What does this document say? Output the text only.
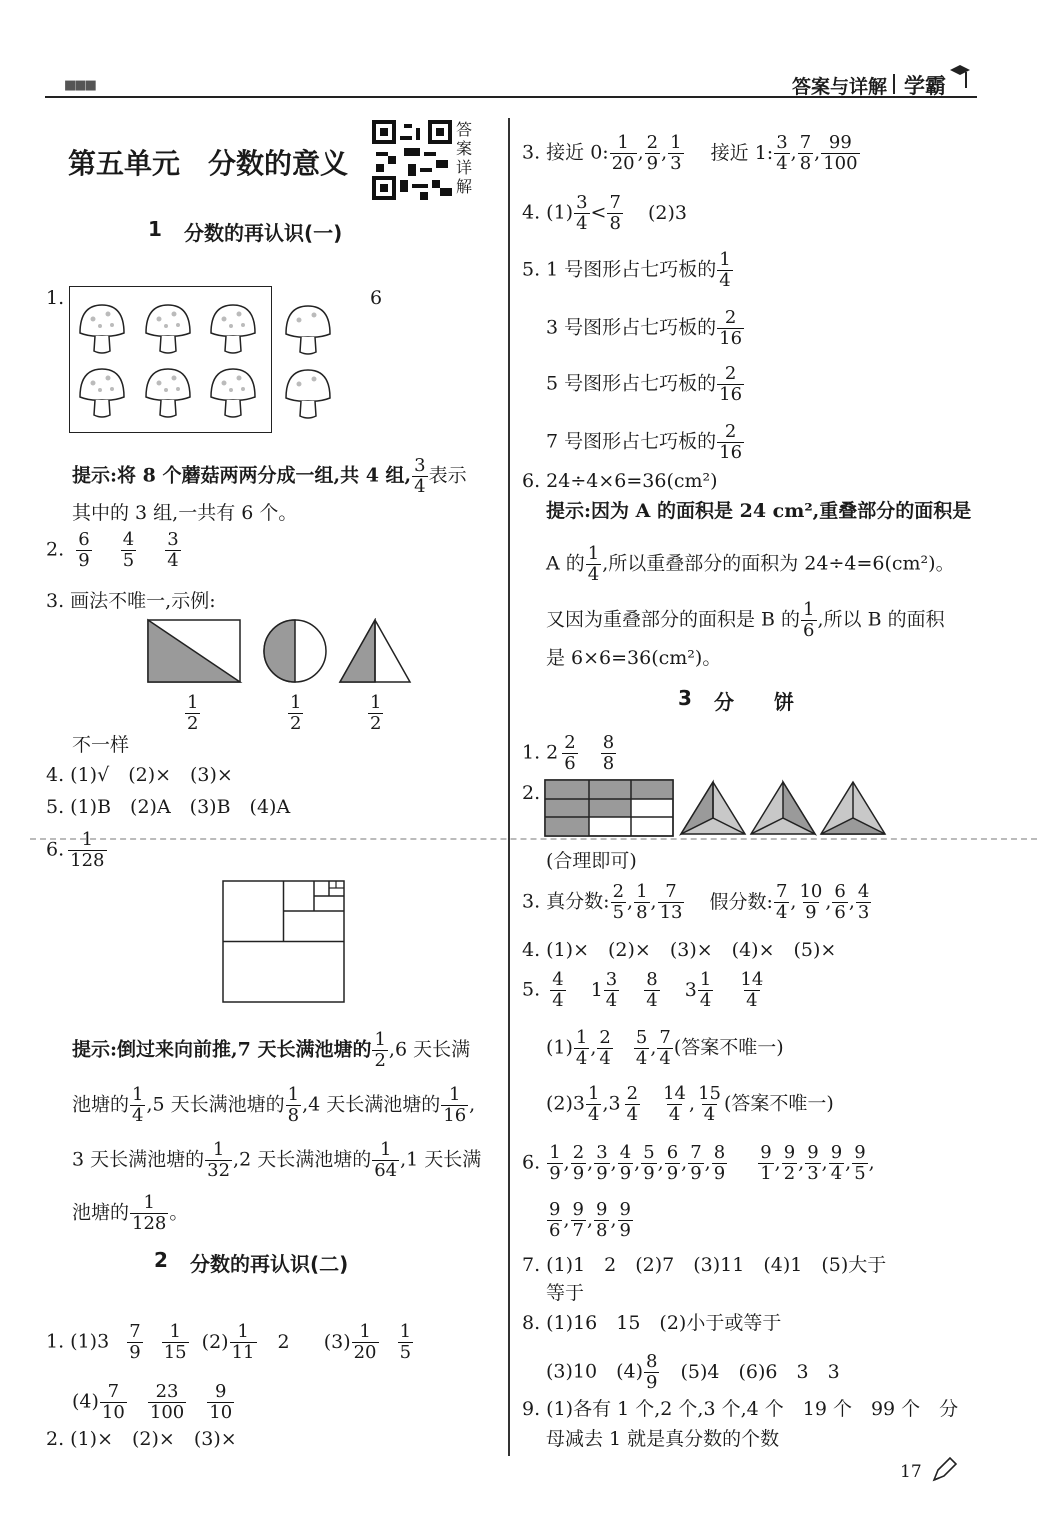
■■■	答案与详解 学霸
第五单元　分数的意义
答案详解
1 分数的再认识(一)
1.	6
提示:将 8 个蘑菇两两分成一组,共 4 组, $\frac{3}{4}$ 表示
其中的 3 组,一共有 6 个。
2. $\frac{6}{9}$
$\frac{4}{5}$
$\frac{3}{4}$
3. 画法不唯一,示例:
$\frac{1}{2}$	$\frac{1}{2}$	$\frac{1}{2}$
不一样
4. (1)√　(2)×　(3)×
5. (1)B　(2)A　(3)B　(4)A
6. $\frac{1}{128}$
提示:倒过来向前推,7 天长满池塘的 $\frac{1}{2} ,6$ 天长满
池塘的 $\frac{1}{4} ,5$ 天长满池塘的 $\frac{1}{8} ,4$ 天长满池塘的 $\frac{1}{16}$ ,
3 天长满池塘的 $\frac{1}{32} ,2$ 天长满池塘的 $\frac{1}{64} ,1$ 天长满
池塘的 $\frac{1}{128}$ 。
2 分数的再认识(二)
1. $(1)3 \frac{7}{9}$
$\frac{1}{15} (2) \frac{1}{11} 2$ $(3) \frac{1}{20}$
$\frac{1}{5}$
$(4) \frac{7}{10}$
$\frac{23}{100}$
$\frac{9}{10}$
2. (1)×　(2)×　(3)×
3. 接近 0: $\frac{1}{20}$ , $\frac{2}{9}$ , $\frac{1}{3}$ 接近 1: $\frac{3}{4}$ , $\frac{7}{8}$ , $\frac{99}{100}$
4. $(1) \frac{3}{4} < \frac{7}{8} (2)3$
5. 1 号图形占七巧板的 $\frac{1}{4}$
3 号图形占七巧板的 $\frac{2}{16}$
5 号图形占七巧板的 $\frac{2}{16}$
7 号图形占七巧板的 $\frac{2}{16}$
6. 24÷4×6=36(cm²)
提示:因为 A 的面积是 24 cm²,重叠部分的面积是
A 的 $\frac{1}{4}$ ,所以重叠部分的面积为 24÷4=6(cm²)。
又因为重叠部分的面积是 B 的 $\frac{1}{6}$ ,所以 B 的面积
是 6×6=36(cm²)。
3 分　　饼
1. $2 \frac{2}{6}$
$\frac{8}{8}$
2.
(合理即可)
3. 真分数: $\frac{2}{5}$ , $\frac{1}{8}$ , $\frac{7}{13}$ 假分数: $\frac{7}{4}$ , $\frac{10}{9}$ , $\frac{6}{6}$ , $\frac{4}{3}$
4. (1)×　(2)×　(3)×　(4)×　(5)×
5. $\frac{4}{4} 1 \frac{3}{4}$
$\frac{8}{4} 3 \frac{1}{4}$
$\frac{14}{4}$
$(1) \frac{1}{4}$ , $\frac{2}{4}$
$\frac{5}{4}$ , $\frac{7}{4}$ (答案不唯一)
$(2)3 \frac{1}{4} ,3 \frac{2}{4}$
$\frac{14}{4}$ , $\frac{15}{4}$ (答案不唯一)
6. $\frac{1}{9}$ , $\frac{2}{9}$ , $\frac{3}{9}$ , $\frac{4}{9}$ , $\frac{5}{9}$ , $\frac{6}{9}$ , $\frac{7}{9}$ , $\frac{8}{9}$
$\frac{9}{1}$ , $\frac{9}{2}$ , $\frac{9}{3}$ , $\frac{9}{4}$ , $\frac{9}{5}$ ,
$\frac{9}{6}$ , $\frac{9}{7}$ , $\frac{9}{8}$ , $\frac{9}{9}$
7. (1)1　2　(2)7　(3)11　(4)1　(5)大于
等于
8. (1)16　15　(2)小于或等于
(3)10　$(4) \frac{8}{9} (5)4$　(6)6　3　3
9. (1)各有 1 个,2 个,3 个,4 个　19 个　99 个　分
母减去 1 就是真分数的个数
17
